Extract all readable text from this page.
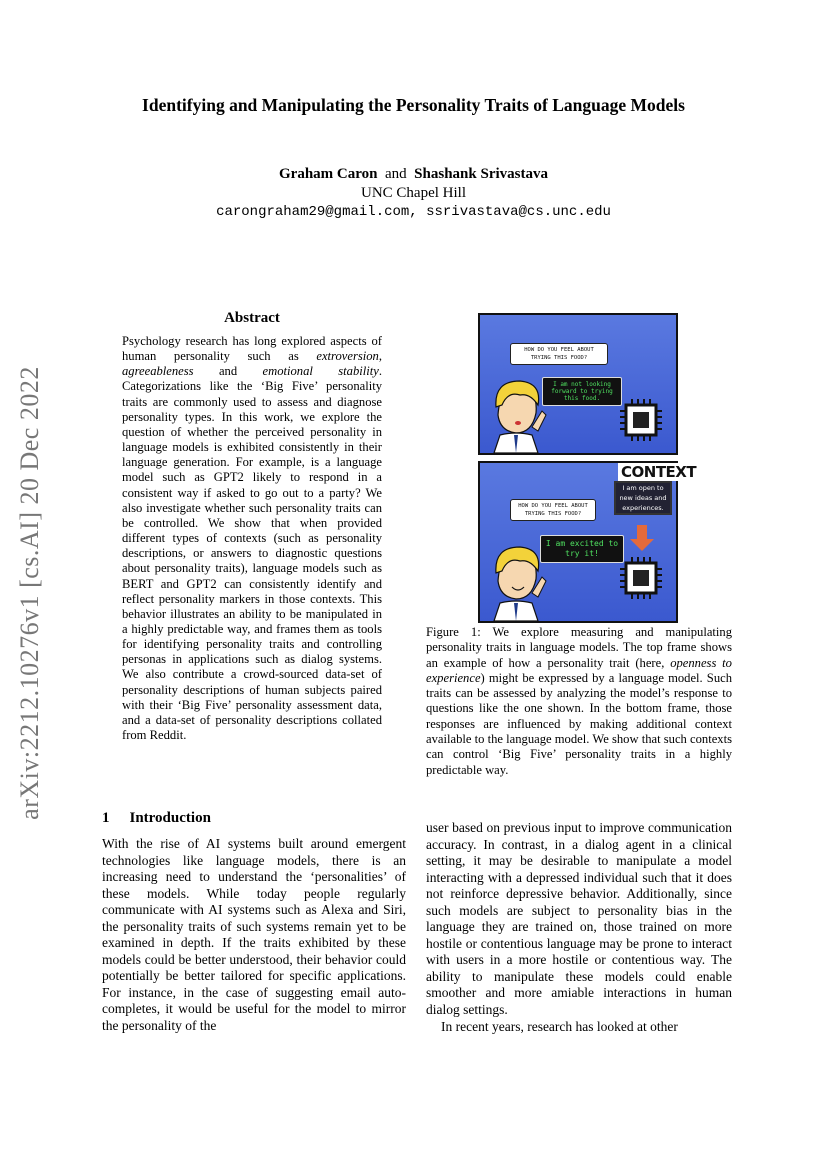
arXiv:2212.10276v1 [cs.AI] 20 Dec 2022
Identifying and Manipulating the Personality Traits of Language Models
Graham Caron and Shashank Srivastava
UNC Chapel Hill
carongraham29@gmail.com, ssrivastava@cs.unc.edu
Abstract
Psychology research has long explored aspects of human personality such as extroversion, agreeableness and emotional stability. Categorizations like the ‘Big Five’ personality traits are commonly used to assess and diagnose personality types. In this work, we explore the question of whether the perceived personality in language models is exhibited consistently in their language generation. For example, is a language model such as GPT2 likely to respond in a consistent way if asked to go out to a party? We also investigate whether such personality traits can be controlled. We show that when provided different types of contexts (such as personality descriptions, or answers to diagnostic questions about personality traits), language models such as BERT and GPT2 can consistently identify and reflect personality markers in those contexts. This behavior illustrates an ability to be manipulated in a highly predictable way, and frames them as tools for identifying personality traits and controlling personas in applications such as dialog systems. We also contribute a crowd-sourced data-set of personality descriptions of human subjects paired with their ‘Big Five’ personality assessment data, and a data-set of personality descriptions collated from Reddit.
HOW DO YOU FEEL ABOUT TRYING THIS FOOD?
I am not looking forward to trying this food.
CONTEXT
I am open to new ideas and experiences.
HOW DO YOU FEEL ABOUT TRYING THIS FOOD?
I am excited to try it!
Figure 1: We explore measuring and manipulating personality traits in language models. The top frame shows an example of how a personality trait (here, openness to experience) might be expressed by a language model. Such traits can be assessed by analyzing the model’s response to questions like the one shown. In the bottom frame, those responses are influenced by making additional context available to the language model. We show that such contexts can control ‘Big Five’ personality traits in a highly predictable way.
1 Introduction
With the rise of AI systems built around emergent technologies like language models, there is an increasing need to understand the ‘personalities’ of these models. While today people regularly communicate with AI systems such as Alexa and Siri, the personality traits of such systems remain yet to be examined in depth. If the traits exhibited by these models could be better understood, their behavior could potentially be better tailored for specific applications. For instance, in the case of suggesting email auto-completes, it would be useful for the model to mirror the personality of the
user based on previous input to improve communication accuracy. In contrast, in a dialog agent in a clinical setting, it may be desirable to manipulate a model interacting with a depressed individual such that it does not reinforce depressive behavior. Additionally, since such models are subject to personality bias in the language they are trained on, those trained on more hostile or contentious language may be prone to interact with users in a more hostile or contentious way. The ability to manipulate these models could enable smoother and more amiable interactions in human dialog settings.
In recent years, research has looked at other
